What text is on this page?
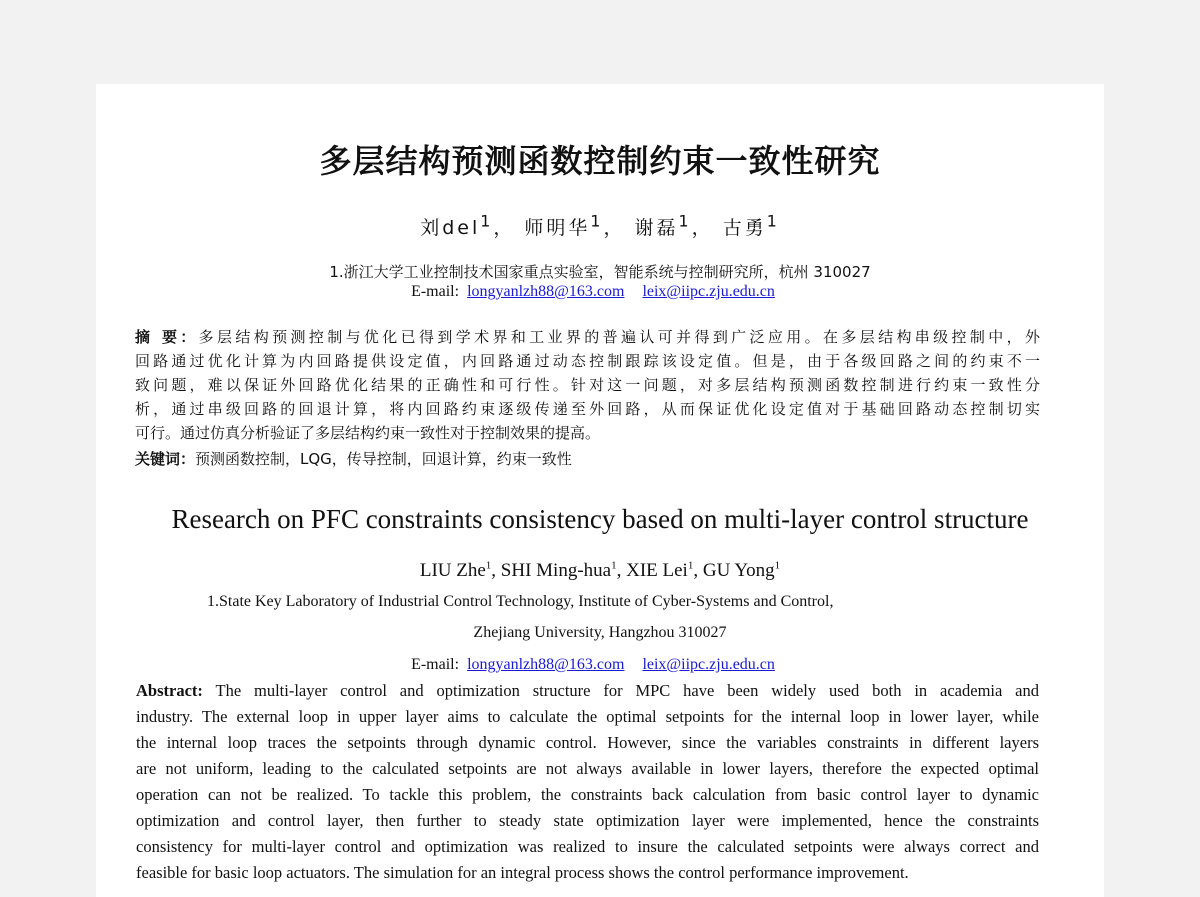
多层结构预测函数控制约束一致性研究
刘del$^1$， 师明华$^1$， 谢磊$^1$， 古勇$^1$
1.浙江大学工业控制技术国家重点实验室，智能系统与控制研究所，杭州 310027
E-mail: longyanlzh88@163.com leix@iipc.zju.edu.cn
摘 要：多层结构预测控制与优化已得到学术界和工业界的普遍认可并得到广泛应用。在多层结构串级控制中，外
回路通过优化计算为内回路提供设定值，内回路通过动态控制跟踪该设定值。但是，由于各级回路之间的约束不一
致问题，难以保证外回路优化结果的正确性和可行性。针对这一问题，对多层结构预测函数控制进行约束一致性分
析，通过串级回路的回退计算，将内回路约束逐级传递至外回路，从而保证优化设定值对于基础回路动态控制切实
可行。通过仿真分析验证了多层结构约束一致性对于控制效果的提高。
关键词：预测函数控制，LQG，传导控制，回退计算，约束一致性
Research on PFC constraints consistency based on multi-layer control structure
LIU Zhe$^1$, SHI Ming-hua$^1$, XIE Lei$^1$, GU Yong$^1$
1.State Key Laboratory of Industrial Control Technology, Institute of Cyber-Systems and Control,
Zhejiang University, Hangzhou 310027
E-mail: longyanlzh88@163.com leix@iipc.zju.edu.cn
Abstract: The multi-layer control and optimization structure for MPC have been widely used both in academia and
industry. The external loop in upper layer aims to calculate the optimal setpoints for the internal loop in lower layer, while
the internal loop traces the setpoints through dynamic control. However, since the variables constraints in different layers
are not uniform, leading to the calculated setpoints are not always available in lower layers, therefore the expected optimal
operation can not be realized. To tackle this problem, the constraints back calculation from basic control layer to dynamic
optimization and control layer, then further to steady state optimization layer were implemented, hence the constraints
consistency for multi-layer control and optimization was realized to insure the calculated setpoints were always correct and
feasible for basic loop actuators. The simulation for an integral process shows the control performance improvement.
